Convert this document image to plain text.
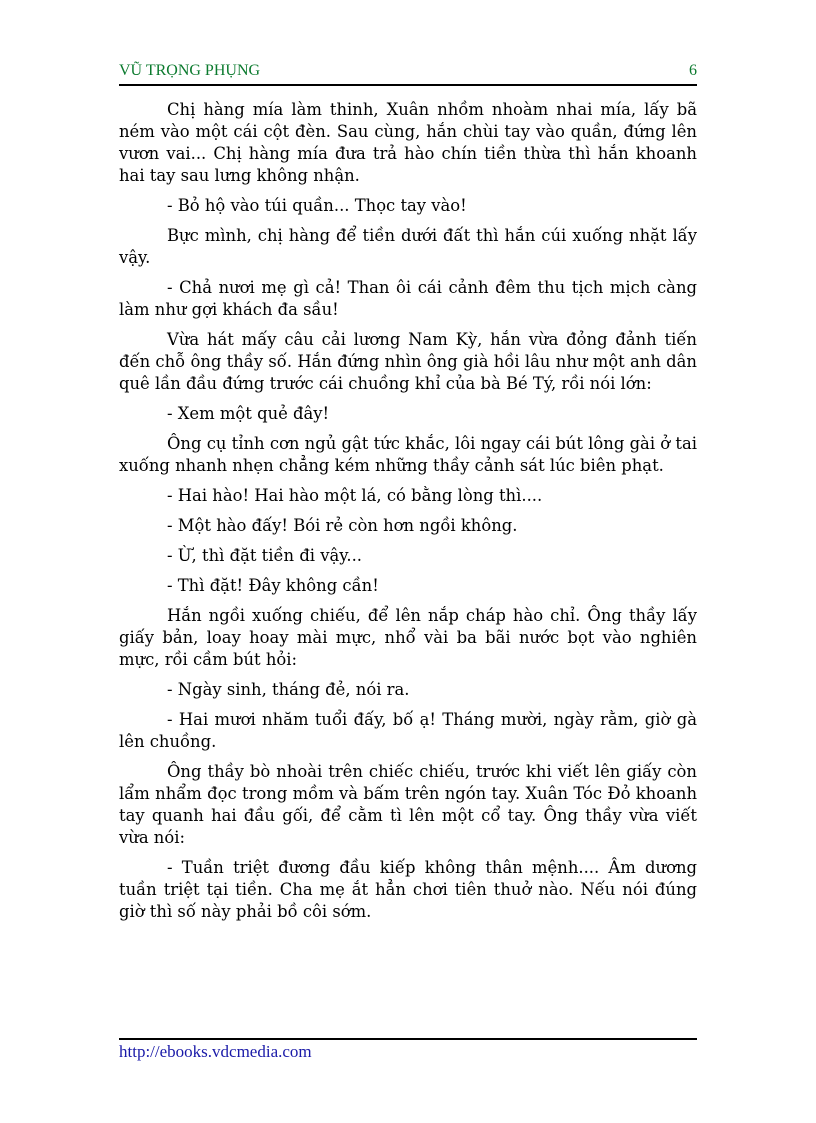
VŨ TRỌNG PHỤNG	6

Chị hàng mía làm thinh, Xuân nhồm nhoàm nhai mía, lấy bã ném vào một cái cột đèn. Sau cùng, hắn chùi tay vào quần, đứng lên vươn vai... Chị hàng mía đưa trả hào chín tiền thừa thì hắn khoanh hai tay sau lưng không nhận.

- Bỏ hộ vào túi quần... Thọc tay vào!

Bực mình, chị hàng để tiền dưới đất thì hắn cúi xuống nhặt lấy vậy.

- Chả nươi mẹ gì cả! Than ôi cái cảnh đêm thu tịch mịch càng làm như gợi khách đa sầu!

Vừa hát mấy câu cải lương Nam Kỳ, hắn vừa đỏng đảnh tiến đến chỗ ông thầy số. Hắn đứng nhìn ông già hồi lâu như một anh dân quê lần đầu đứng trước cái chuồng khỉ của bà Bé Tý, rồi nói lớn:

- Xem một quẻ đây!

Ông cụ tỉnh cơn ngủ gật tức khắc, lôi ngay cái bút lông gài ở tai xuống nhanh nhẹn chẳng kém những thầy cảnh sát lúc biên phạt.

- Hai hào! Hai hào một lá, có bằng lòng thì....

- Một hào đấy! Bói rẻ còn hơn ngồi không.

- Ừ, thì đặt tiền đi vậy...

- Thì đặt! Đây không cần!

Hắn ngồi xuống chiếu, để lên nắp cháp hào chỉ. Ông thầy lấy giấy bản, loay hoay mài mực, nhổ vài ba bãi nước bọt vào nghiên mực, rồi cầm bút hỏi:

- Ngày sinh, tháng đẻ, nói ra.

- Hai mươi nhăm tuổi đấy, bố ạ! Tháng mười, ngày rằm, giờ gà lên chuồng.

Ông thầy bò nhoài trên chiếc chiếu, trước khi viết lên giấy còn lẩm nhẩm đọc trong mồm và bấm trên ngón tay. Xuân Tóc Đỏ khoanh tay quanh hai đầu gối, để cằm tì lên một cổ tay. Ông thầy vừa viết vừa nói:

- Tuần triệt đương đầu kiếp không thân mệnh.... Âm dương tuần triệt tại tiền. Cha mẹ ắt hẳn chơi tiên thuở nào. Nếu nói đúng giờ thì số này phải bồ côi sớm.

http://ebooks.vdcmedia.com
